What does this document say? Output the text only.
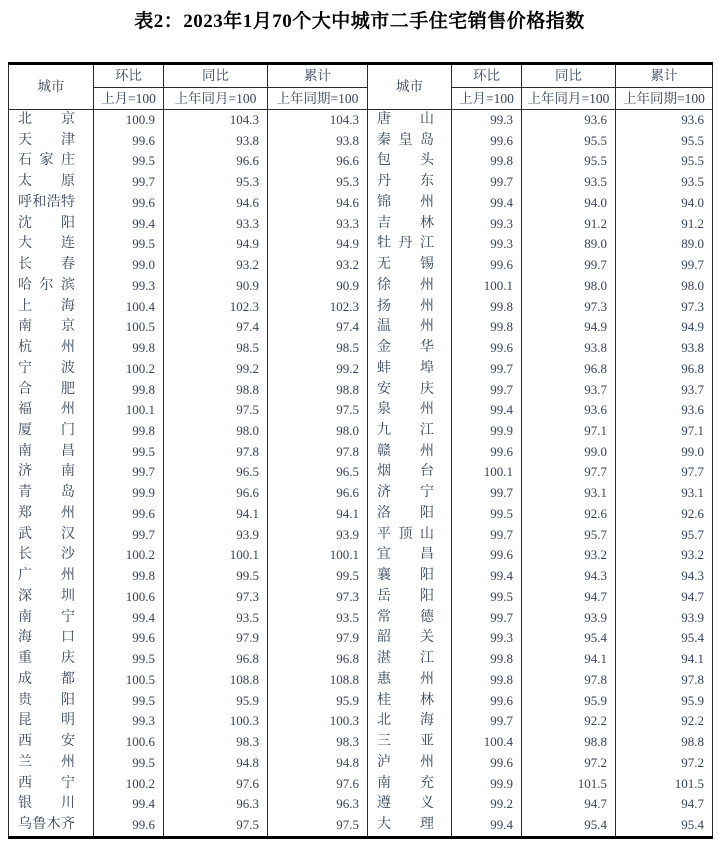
表2：2023年1月70个大中城市二手住宅销售价格指数
城市	环比	同比	累计	城市	环比	同比	累计
	上月=100	上年同月=100	上年同期=100		上月=100	上年同月=100	上年同期=100

北 京	100.9	104.3	104.3	唐 山	99.3	93.6	93.6

天 津	99.6	93.8	93.8	秦 皇 岛	99.6	95.5	95.5

石 家 庄	99.5	96.6	96.6	包 头	99.8	95.5	95.5

太 原	99.7	95.3	95.3	丹 东	99.7	93.5	93.5

呼 和 浩 特	99.6	94.6	94.6	锦 州	99.4	94.0	94.0

沈 阳	99.4	93.3	93.3	吉 林	99.3	91.2	91.2

大 连	99.5	94.9	94.9	牡 丹 江	99.3	89.0	89.0

长 春	99.0	93.2	93.2	无 锡	99.6	99.7	99.7

哈 尔 滨	99.3	90.9	90.9	徐 州	100.1	98.0	98.0

上 海	100.4	102.3	102.3	扬 州	99.8	97.3	97.3

南 京	100.5	97.4	97.4	温 州	99.8	94.9	94.9

杭 州	99.8	98.5	98.5	金 华	99.6	93.8	93.8

宁 波	100.2	99.2	99.2	蚌 埠	99.7	96.8	96.8

合 肥	99.8	98.8	98.8	安 庆	99.7	93.7	93.7

福 州	100.1	97.5	97.5	泉 州	99.4	93.6	93.6

厦 门	99.8	98.0	98.0	九 江	99.9	97.1	97.1

南 昌	99.5	97.8	97.8	赣 州	99.6	99.0	99.0

济 南	99.7	96.5	96.5	烟 台	100.1	97.7	97.7

青 岛	99.9	96.6	96.6	济 宁	99.7	93.1	93.1

郑 州	99.6	94.1	94.1	洛 阳	99.5	92.6	92.6

武 汉	99.7	93.9	93.9	平 顶 山	99.7	95.7	95.7

长 沙	100.2	100.1	100.1	宜 昌	99.6	93.2	93.2

广 州	99.8	99.5	99.5	襄 阳	99.4	94.3	94.3

深 圳	100.6	97.3	97.3	岳 阳	99.5	94.7	94.7

南 宁	99.4	93.5	93.5	常 德	99.7	93.9	93.9

海 口	99.6	97.9	97.9	韶 关	99.3	95.4	95.4

重 庆	99.5	96.8	96.8	湛 江	99.8	94.1	94.1

成 都	100.5	108.8	108.8	惠 州	99.8	97.8	97.8

贵 阳	99.5	95.9	95.9	桂 林	99.6	95.9	95.9

昆 明	99.3	100.3	100.3	北 海	99.7	92.2	92.2

西 安	100.6	98.3	98.3	三 亚	100.4	98.8	98.8

兰 州	99.5	94.8	94.8	泸 州	99.6	97.2	97.2

西 宁	100.2	97.6	97.6	南 充	99.9	101.5	101.5

银 川	99.4	96.3	96.3	遵 义	99.2	94.7	94.7

乌 鲁 木 齐	99.6	97.5	97.5	大 理	99.4	95.4	95.4
